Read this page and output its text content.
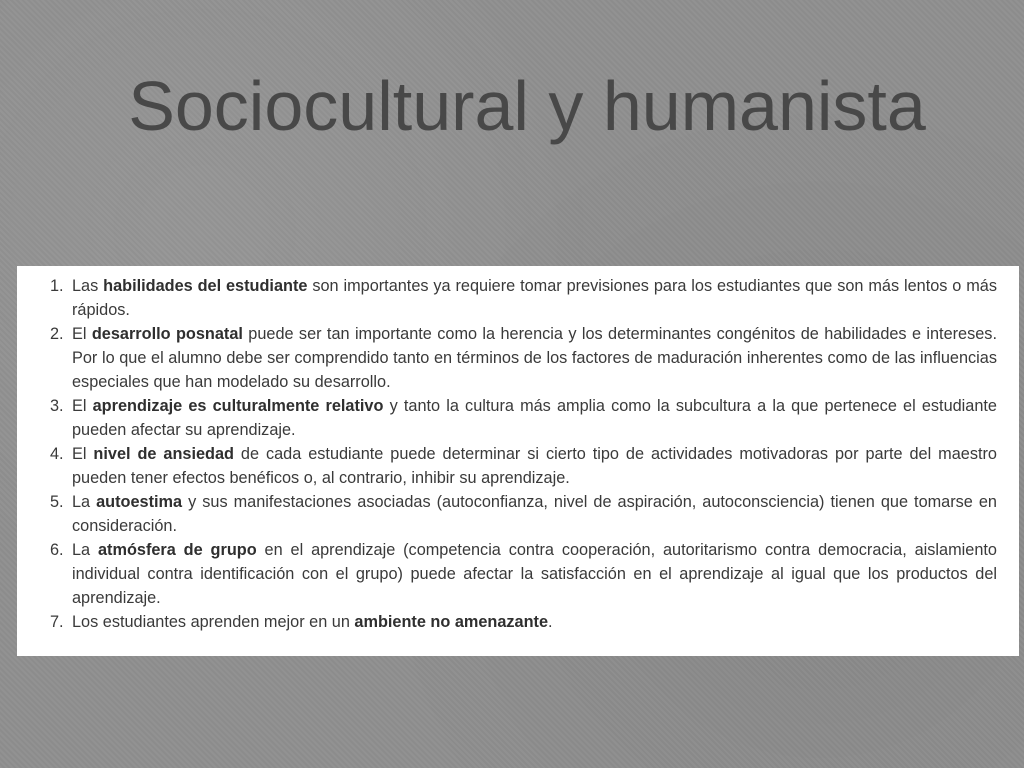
Sociocultural y humanista
1. Las habilidades del estudiante son importantes ya requiere tomar previsiones para los estudiantes que son más lentos o más rápidos.
2. El desarrollo posnatal puede ser tan importante como la herencia y los determinantes congénitos de habilidades e intereses. Por lo que el alumno debe ser comprendido tanto en términos de los factores de maduración inherentes como de las influencias especiales que han modelado su desarrollo.
3. El aprendizaje es culturalmente relativo y tanto la cultura más amplia como la subcultura a la que pertenece el estudiante pueden afectar su aprendizaje.
4. El nivel de ansiedad de cada estudiante puede determinar si cierto tipo de actividades motivadoras por parte del maestro pueden tener efectos benéficos o, al contrario, inhibir su aprendizaje.
5. La autoestima y sus manifestaciones asociadas (autoconfianza, nivel de aspiración, autoconsciencia) tienen que tomarse en consideración.
6. La atmósfera de grupo en el aprendizaje (competencia contra cooperación, autoritarismo contra democracia, aislamiento individual contra identificación con el grupo) puede afectar la satisfacción en el aprendizaje al igual que los productos del aprendizaje.
7. Los estudiantes aprenden mejor en un ambiente no amenazante.
